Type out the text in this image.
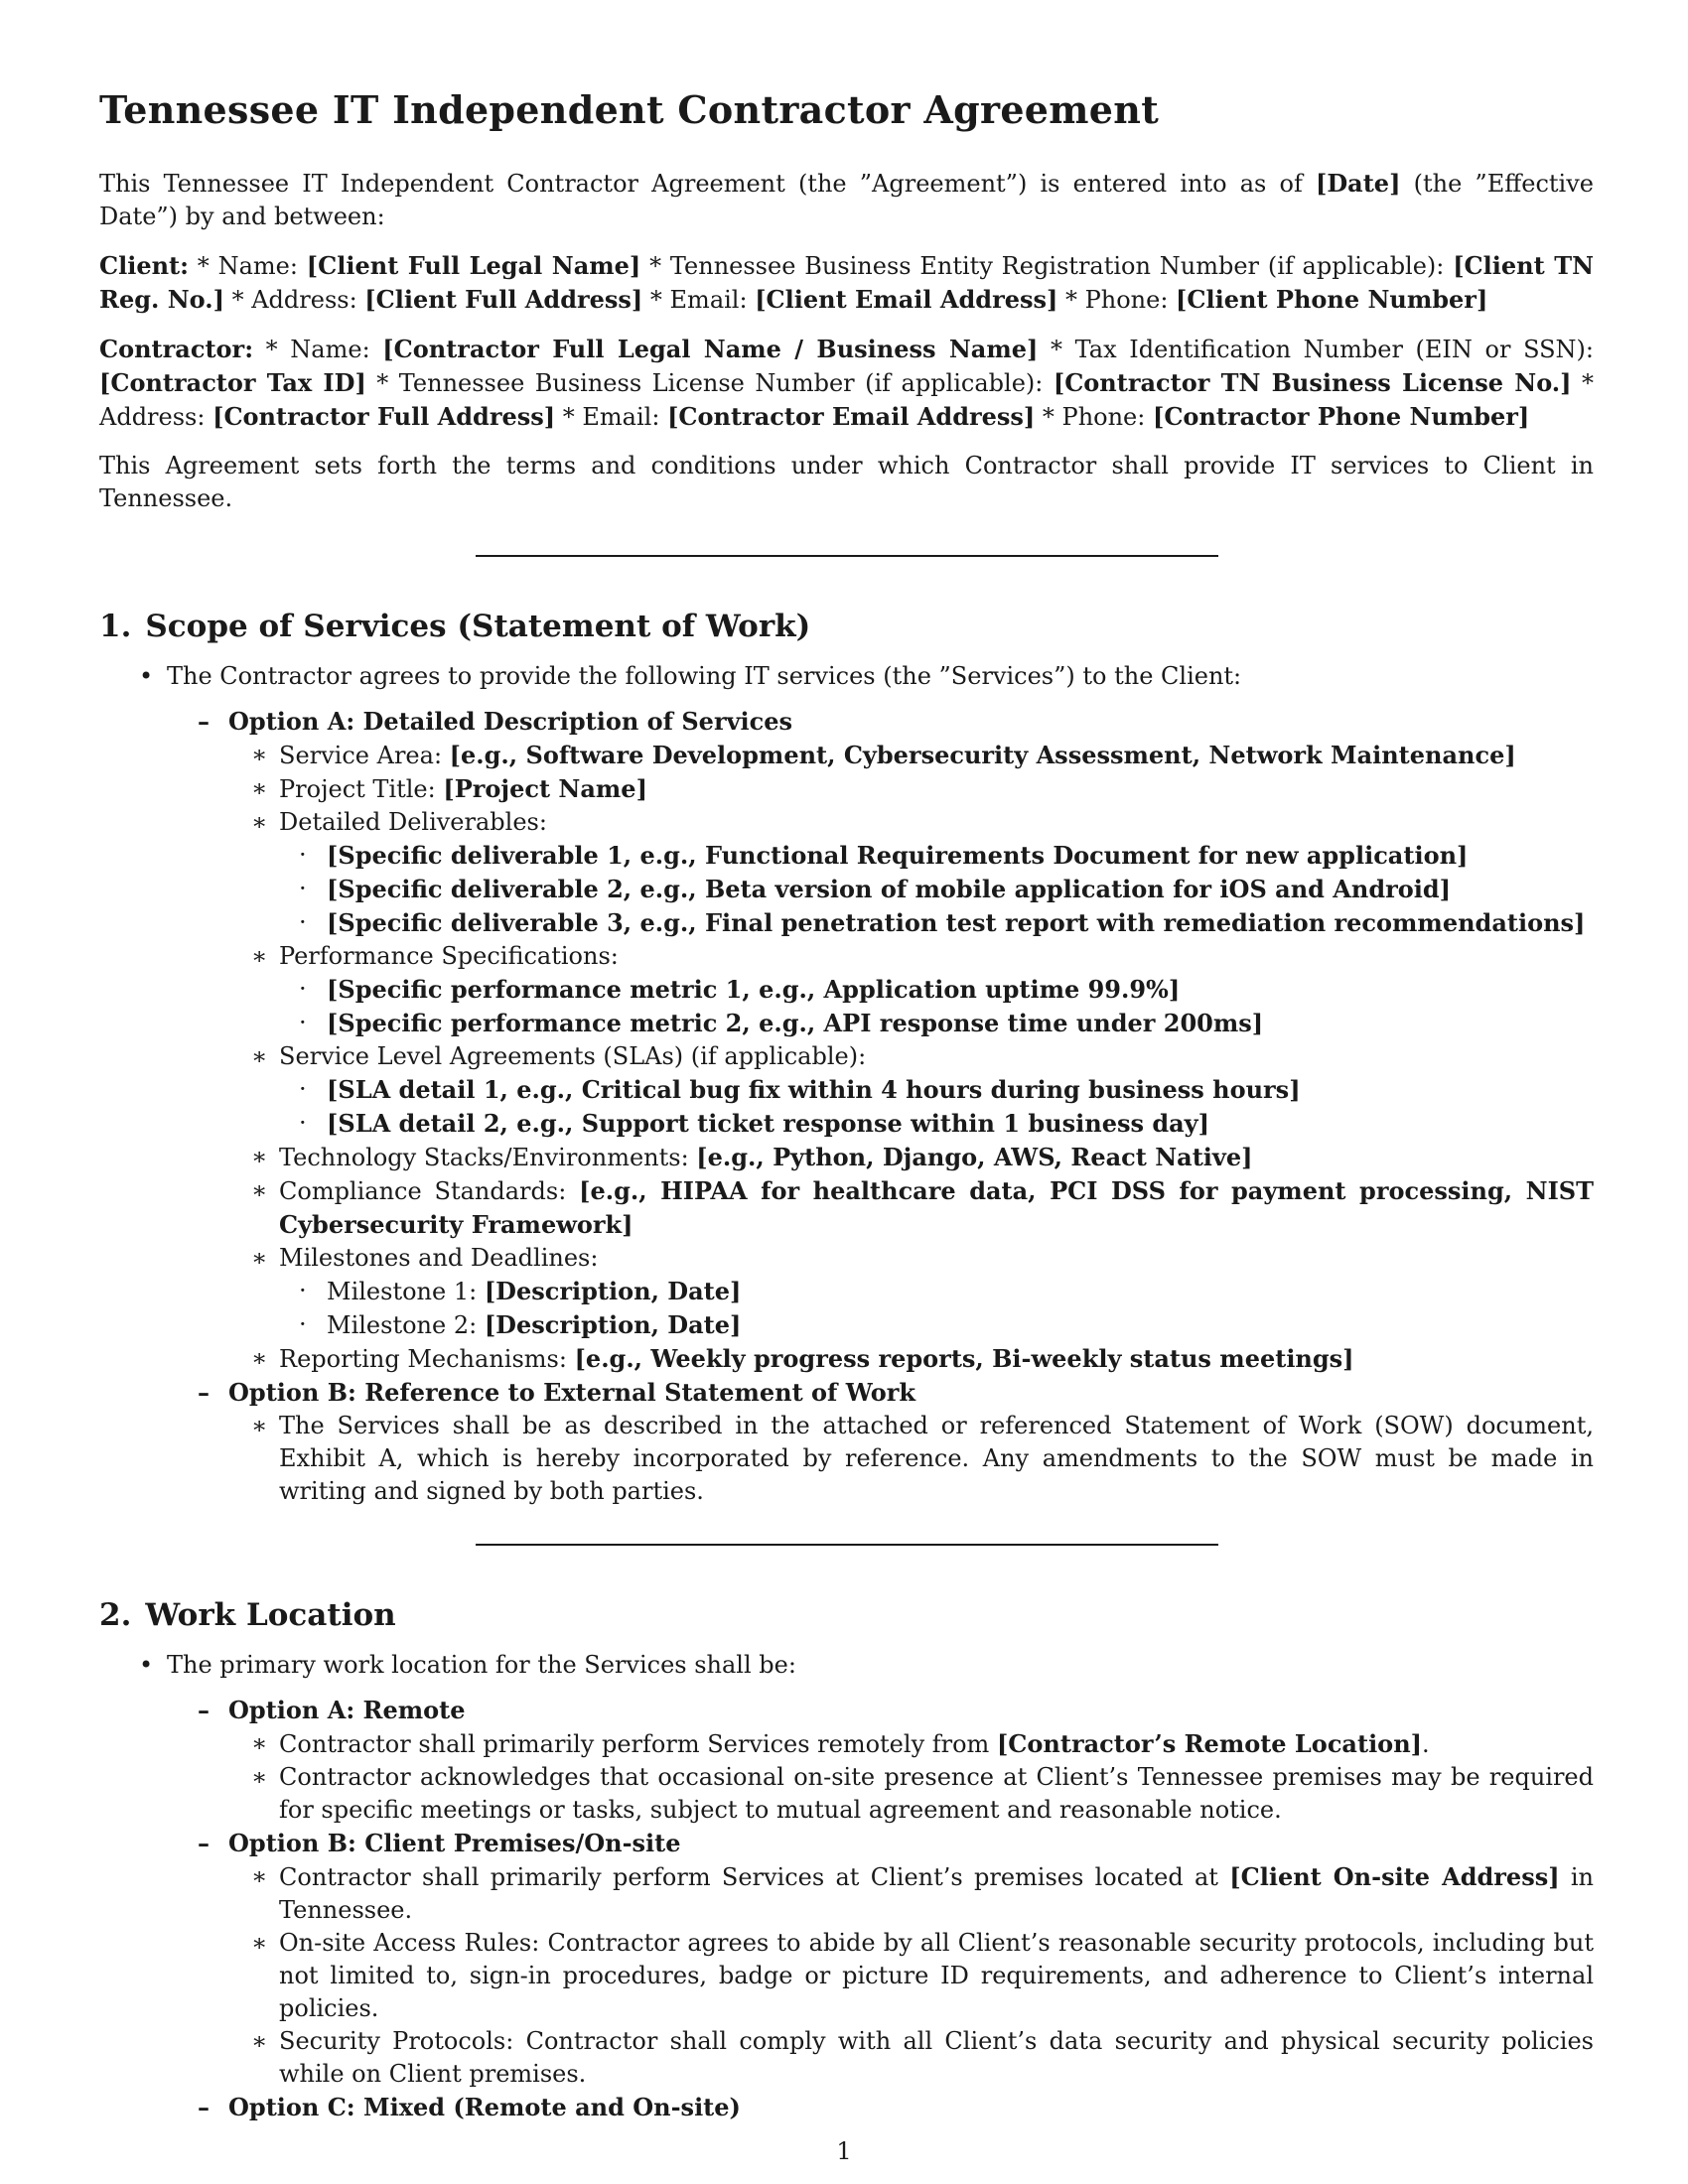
Tennessee IT Independent Contractor Agreement

This Tennessee IT Independent Contractor Agreement (the ”Agreement”) is entered into as of [Date] (the ”Effective Date”) by and between:

Client: * Name: [Client Full Legal Name] * Tennessee Business Entity Registration Number (if applicable): [Client TN Reg. No.] * Address: [Client Full Address] * Email: [Client Email Address] * Phone: [Client Phone Number]

Contractor: * Name: [Contractor Full Legal Name / Business Name] * Tax Identification Number (EIN or SSN): [Contractor Tax ID] * Tennessee Business License Number (if applicable): [Contractor TN Business License No.] * Address: [Contractor Full Address] * Email: [Contractor Email Address] * Phone: [Contractor Phone Number]

This Agreement sets forth the terms and conditions under which Contractor shall provide IT services to Client in Tennessee.

1. Scope of Services (Statement of Work)
• The Contractor agrees to provide the following IT services (the ”Services”) to the Client:
– Option A: Detailed Description of Services
∗ Service Area: [e.g., Software Development, Cybersecurity Assessment, Network Maintenance]
∗ Project Title: [Project Name]
∗ Detailed Deliverables:
· [Specific deliverable 1, e.g., Functional Requirements Document for new application]
· [Specific deliverable 2, e.g., Beta version of mobile application for iOS and Android]
· [Specific deliverable 3, e.g., Final penetration test report with remediation recommendations]
∗ Performance Specifications:
· [Specific performance metric 1, e.g., Application uptime 99.9%]
· [Specific performance metric 2, e.g., API response time under 200ms]
∗ Service Level Agreements (SLAs) (if applicable):
· [SLA detail 1, e.g., Critical bug fix within 4 hours during business hours]
· [SLA detail 2, e.g., Support ticket response within 1 business day]
∗ Technology Stacks/Environments: [e.g., Python, Django, AWS, React Native]
∗ Compliance Standards: [e.g., HIPAA for healthcare data, PCI DSS for payment processing, NIST Cybersecurity Framework]
∗ Milestones and Deadlines:
· Milestone 1: [Description, Date]
· Milestone 2: [Description, Date]
∗ Reporting Mechanisms: [e.g., Weekly progress reports, Bi-weekly status meetings]
– Option B: Reference to External Statement of Work
∗ The Services shall be as described in the attached or referenced Statement of Work (SOW) document, Exhibit A, which is hereby incorporated by reference. Any amendments to the SOW must be made in writing and signed by both parties.
2. Work Location
• The primary work location for the Services shall be:
– Option A: Remote
∗ Contractor shall primarily perform Services remotely from [Contractor’s Remote Location].
∗ Contractor acknowledges that occasional on-site presence at Client’s Tennessee premises may be required for specific meetings or tasks, subject to mutual agreement and reasonable notice.
– Option B: Client Premises/On-site
∗ Contractor shall primarily perform Services at Client’s premises located at [Client On-site Address] in Tennessee.
∗ On-site Access Rules: Contractor agrees to abide by all Client’s reasonable security protocols, including but not limited to, sign-in procedures, badge or picture ID requirements, and adherence to Client’s internal policies.
∗ Security Protocols: Contractor shall comply with all Client’s data security and physical security policies while on Client premises.
– Option C: Mixed (Remote and On-site)
1
